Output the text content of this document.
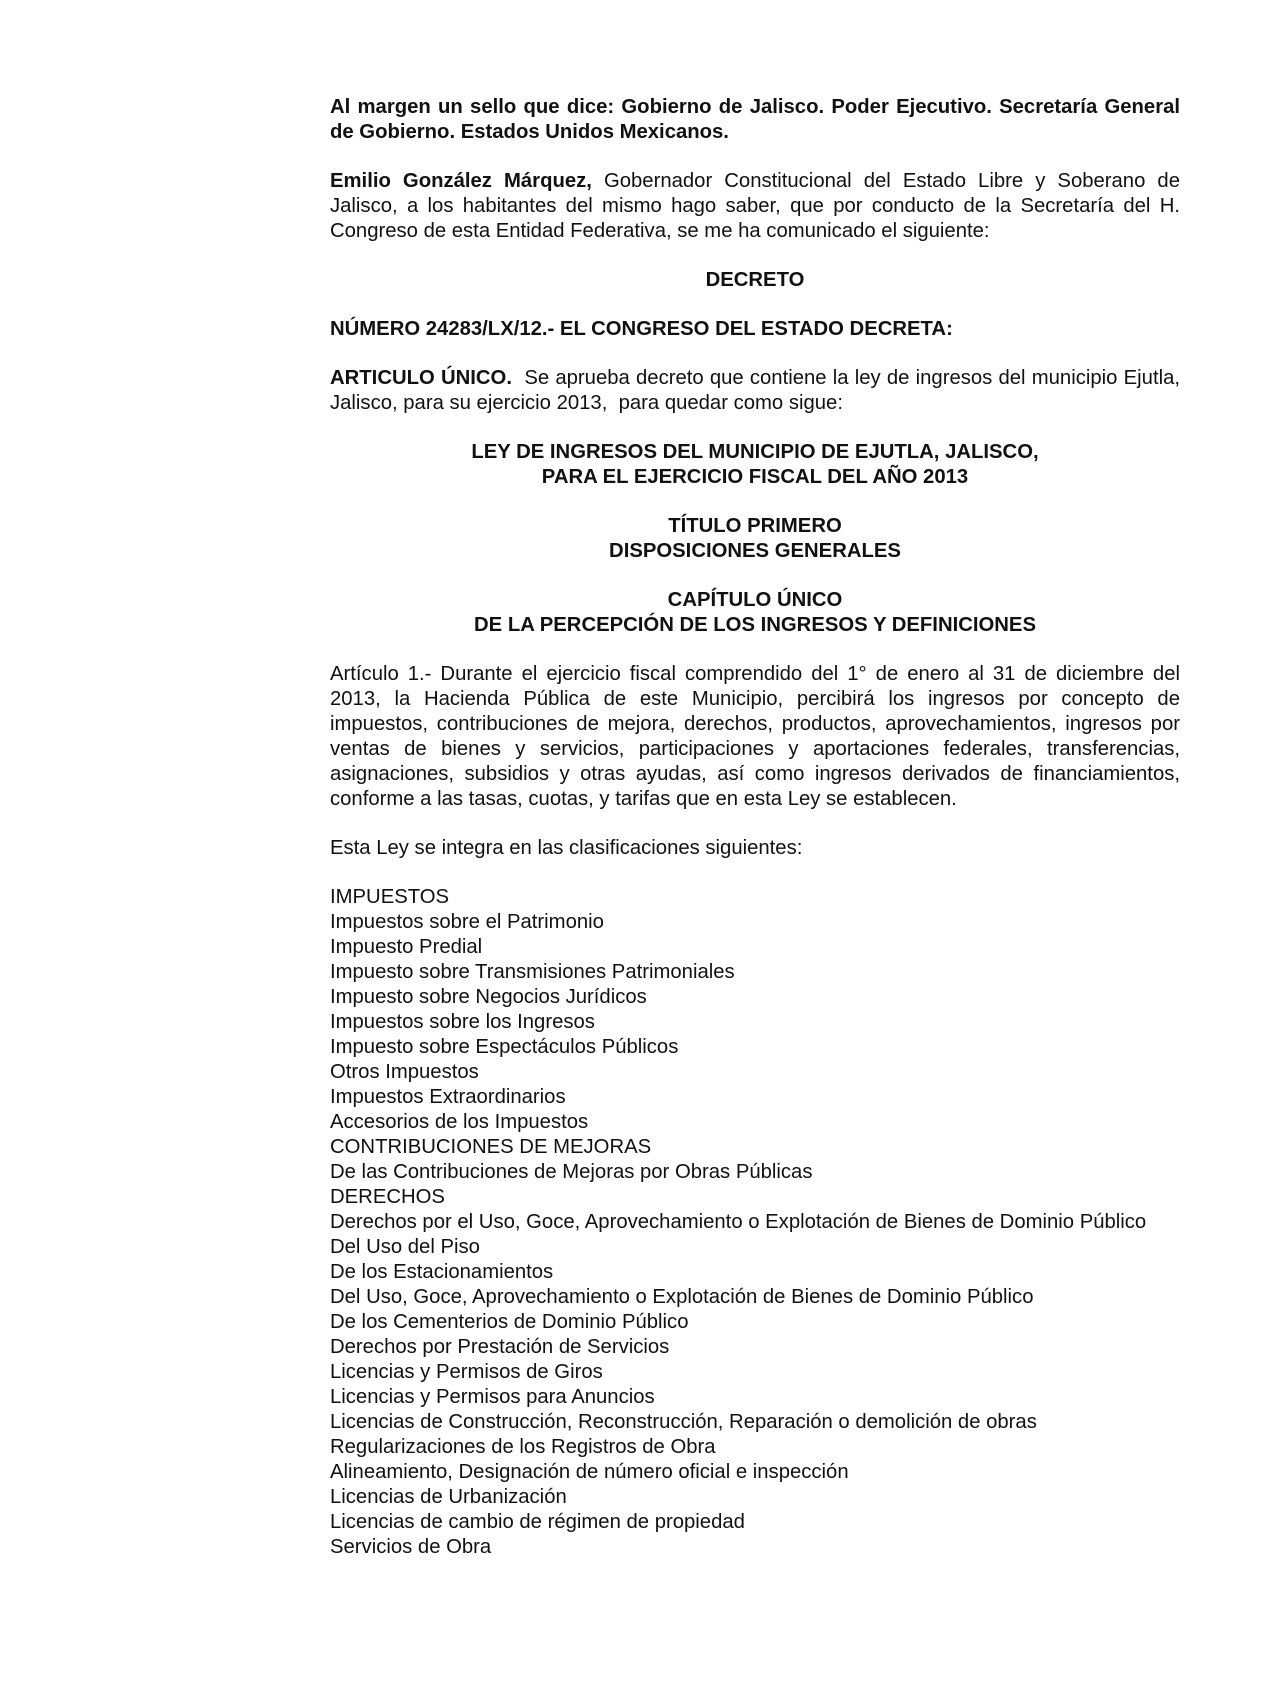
Al margen un sello que dice: Gobierno de Jalisco. Poder Ejecutivo. Secretaría General de Gobierno. Estados Unidos Mexicanos.

Emilio González Márquez, Gobernador Constitucional del Estado Libre y Soberano de Jalisco, a los habitantes del mismo hago saber, que por conducto de la Secretaría del H. Congreso de esta Entidad Federativa, se me ha comunicado el siguiente:

DECRETO

NÚMERO 24283/LX/12.- EL CONGRESO DEL ESTADO DECRETA:

ARTICULO ÚNICO.  Se aprueba decreto que contiene la ley de ingresos del municipio Ejutla,  Jalisco, para su ejercicio 2013,  para quedar como sigue:

LEY DE INGRESOS DEL MUNICIPIO DE EJUTLA, JALISCO,

PARA EL EJERCICIO FISCAL DEL AÑO 2013

TÍTULO PRIMERO

DISPOSICIONES GENERALES

CAPÍTULO ÚNICO

DE LA PERCEPCIÓN DE LOS INGRESOS Y DEFINICIONES

Artículo 1.- Durante el ejercicio fiscal comprendido del 1° de enero al 31 de diciembre del 2013, la Hacienda Pública de este Municipio, percibirá los ingresos por concepto de impuestos, contribuciones de mejora, derechos, productos, aprovechamientos, ingresos por ventas de bienes y servicios, participaciones y aportaciones federales, transferencias, asignaciones, subsidios y otras ayudas, así como ingresos derivados de financiamientos, conforme a las tasas, cuotas, y tarifas que en esta Ley se establecen.

Esta Ley se integra en las clasificaciones siguientes:

IMPUESTOS
Impuestos sobre el Patrimonio
Impuesto Predial
Impuesto sobre Transmisiones Patrimoniales
Impuesto sobre Negocios Jurídicos
Impuestos sobre los Ingresos
Impuesto sobre Espectáculos Públicos
Otros Impuestos
Impuestos Extraordinarios
Accesorios de los Impuestos
CONTRIBUCIONES DE MEJORAS
De las Contribuciones de Mejoras por Obras Públicas
DERECHOS
Derechos por el Uso, Goce, Aprovechamiento o Explotación de Bienes de Dominio Público
Del Uso del Piso
De los Estacionamientos
Del Uso, Goce, Aprovechamiento o Explotación de Bienes de Dominio Público
De los Cementerios de Dominio Público
Derechos por Prestación de Servicios
Licencias y Permisos de Giros
Licencias y Permisos para Anuncios
Licencias de Construcción, Reconstrucción, Reparación o demolición de obras
Regularizaciones de los Registros de Obra
Alineamiento, Designación de número oficial e inspección
Licencias de Urbanización
Licencias de cambio de régimen de propiedad
Servicios de Obra
